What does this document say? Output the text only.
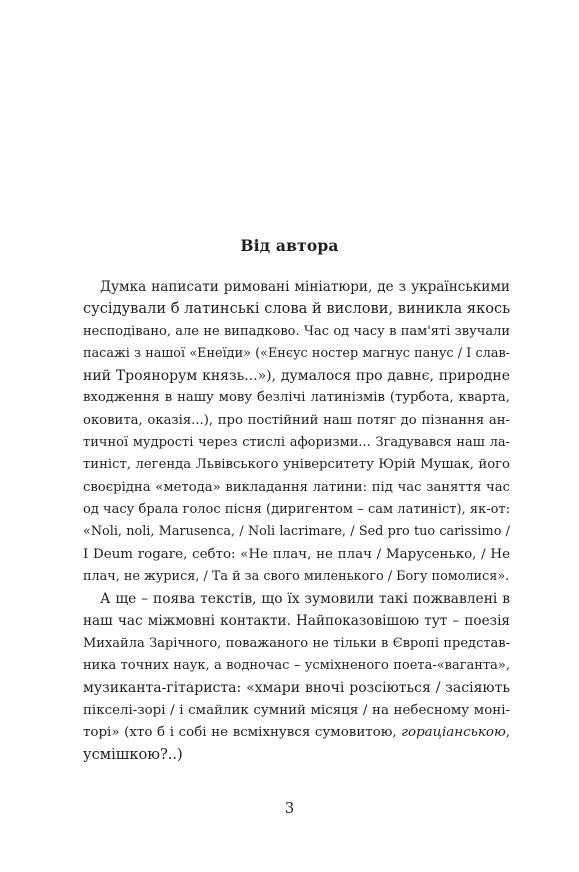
Від автора
Думка написати римовані мініатюри, де з українськими
сусідували б латинські слова й вислови, виникла якось
несподівано, але не випадково. Час од часу в пам'яті звучали
пасажі з нашої «Енеїди» («Енєус ностер магнус панус / І слав-
ний Троянорум князь...»), думалося про давнє, природне
входження в нашу мову безлічі латинізмів (турбота, кварта,
оковита, оказія...), про постійний наш потяг до пізнання ан-
тичної мудрості через стислі афоризми... Згадувався наш ла-
тиніст, легенда Львівського університету Юрій Мушак, його
своєрідна «метода» викладання латини: під час заняття час
од часу брала голос пісня (диригентом – сам латиніст), як-от:
«Noli, noli, Marusenca, / Noli lacrimare, / Sed pro tuo carissimo /
I Deum rogare, себто: «Не плач, не плач / Марусенько, / Не
плач, не журися, / Та й за свого миленького / Богу помолися».
А ще – поява текстів, що їх зумовили такі пожвавлені в
наш час міжмовні контакти. Найпоказовішою тут – поезія
Михайла Зарічного, поважаного не тільки в Європі представ-
ника точних наук, а водночас – усміхненого поета-«ваганта»,
музиканта-гітариста: «хмари вночі розсіються / засіяють
пікселі-зорі / і смайлик сумний місяця / на небесному моні-
торі» (хто б і собі не всміхнувся сумовитою, горацiанською,
усмішкою?..)
3
